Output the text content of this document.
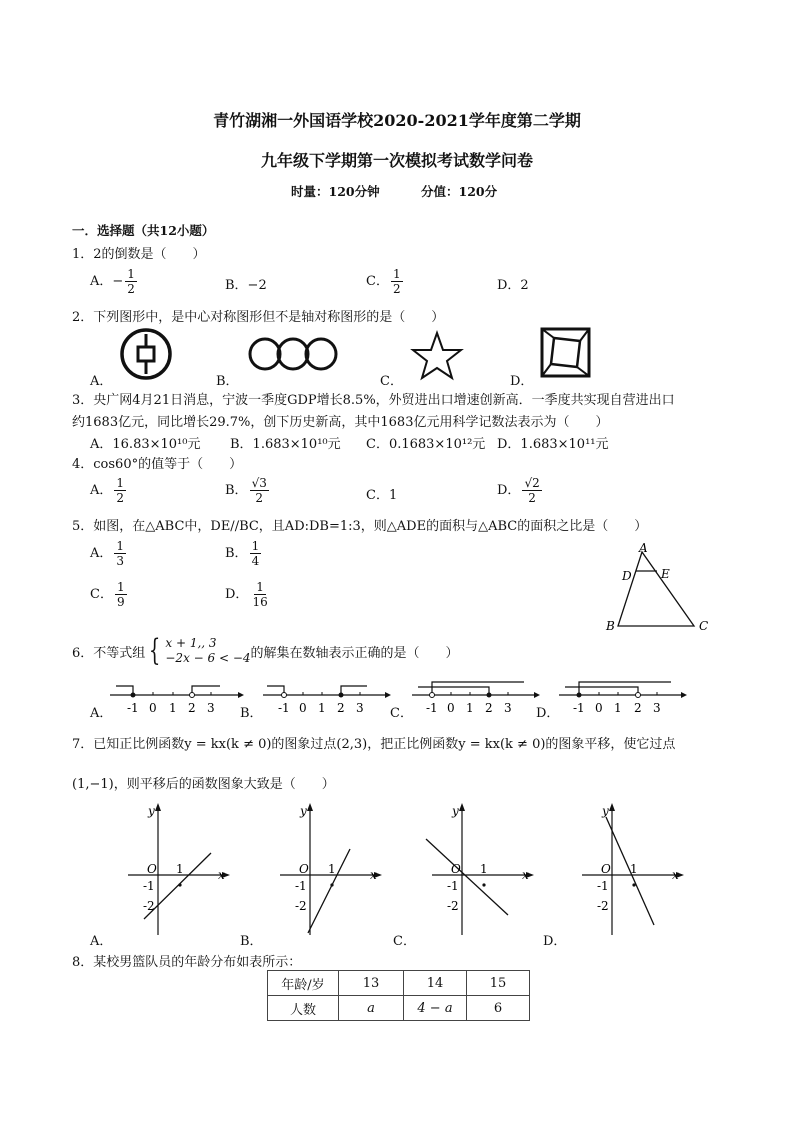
青竹湖湘一外国语学校2020-2021学年度第二学期
九年级下学期第一次模拟考试数学问卷
时量：120分钟	分值：120分
一．选择题（共12小题）
1．2的倒数是（　　）
A．− $\frac{1}{2}$	B．−2	C． $\frac{1}{2}$	D．2
2．下列图形中，是中心对称图形但不是轴对称图形的是（　　）
A．	B．	C．	D．
3．央广网4月21日消息，宁波一季度GDP增长8.5%，外贸进出口增速创新高．一季度共实现自营进出口
约1683亿元，同比增长29.7%，创下历史新高，其中1683亿元用科学记数法表示为（　　）
A．16.83×10¹⁰元 B．1.683×10¹⁰元 C．0.1683×10¹²元 D．1.683×10¹¹元
4．cos60°的值等于（　　）
A． $\frac{1}{2}$	B． $\frac{√3}{2}$	C．1	D． $\frac{√2}{2}$
5．如图，在△ABC中，DE//BC，且AD:DB=1:3，则△ADE的面积与△ABC的面积之比是（　　）
A． $\frac{1}{3}$	B． $\frac{1}{4}$
C． $\frac{1}{9}$	D． $\frac{1}{16}$
A
D E
B	C
6．不等式组 { x + 1,, 3
−2x − 6 < −4 的解集在数轴表示正确的是（　　）
-1 0 1 2 3	-1 0 1 2 3	-1 0 1 2 3	-1 0 1 2 3
A．	B．	C．	D．
7．已知正比例函数y = kx(k ≠ 0)的图象过点(2,3)，把正比例函数y = kx(k ≠ 0)的图象平移，使它过点
(1,−1)，则平移后的函数图象大致是（　　）
y
x
O 1
-1
-2
y
x
O 1
-1
-2
y
x
O 1
-1
-2
y
x
O 1
-1
-2
A．	B．	C．	D．
8．某校男篮队员的年龄分布如表所示：
年龄/岁	13	14	15
人数	a	4 − a	6
